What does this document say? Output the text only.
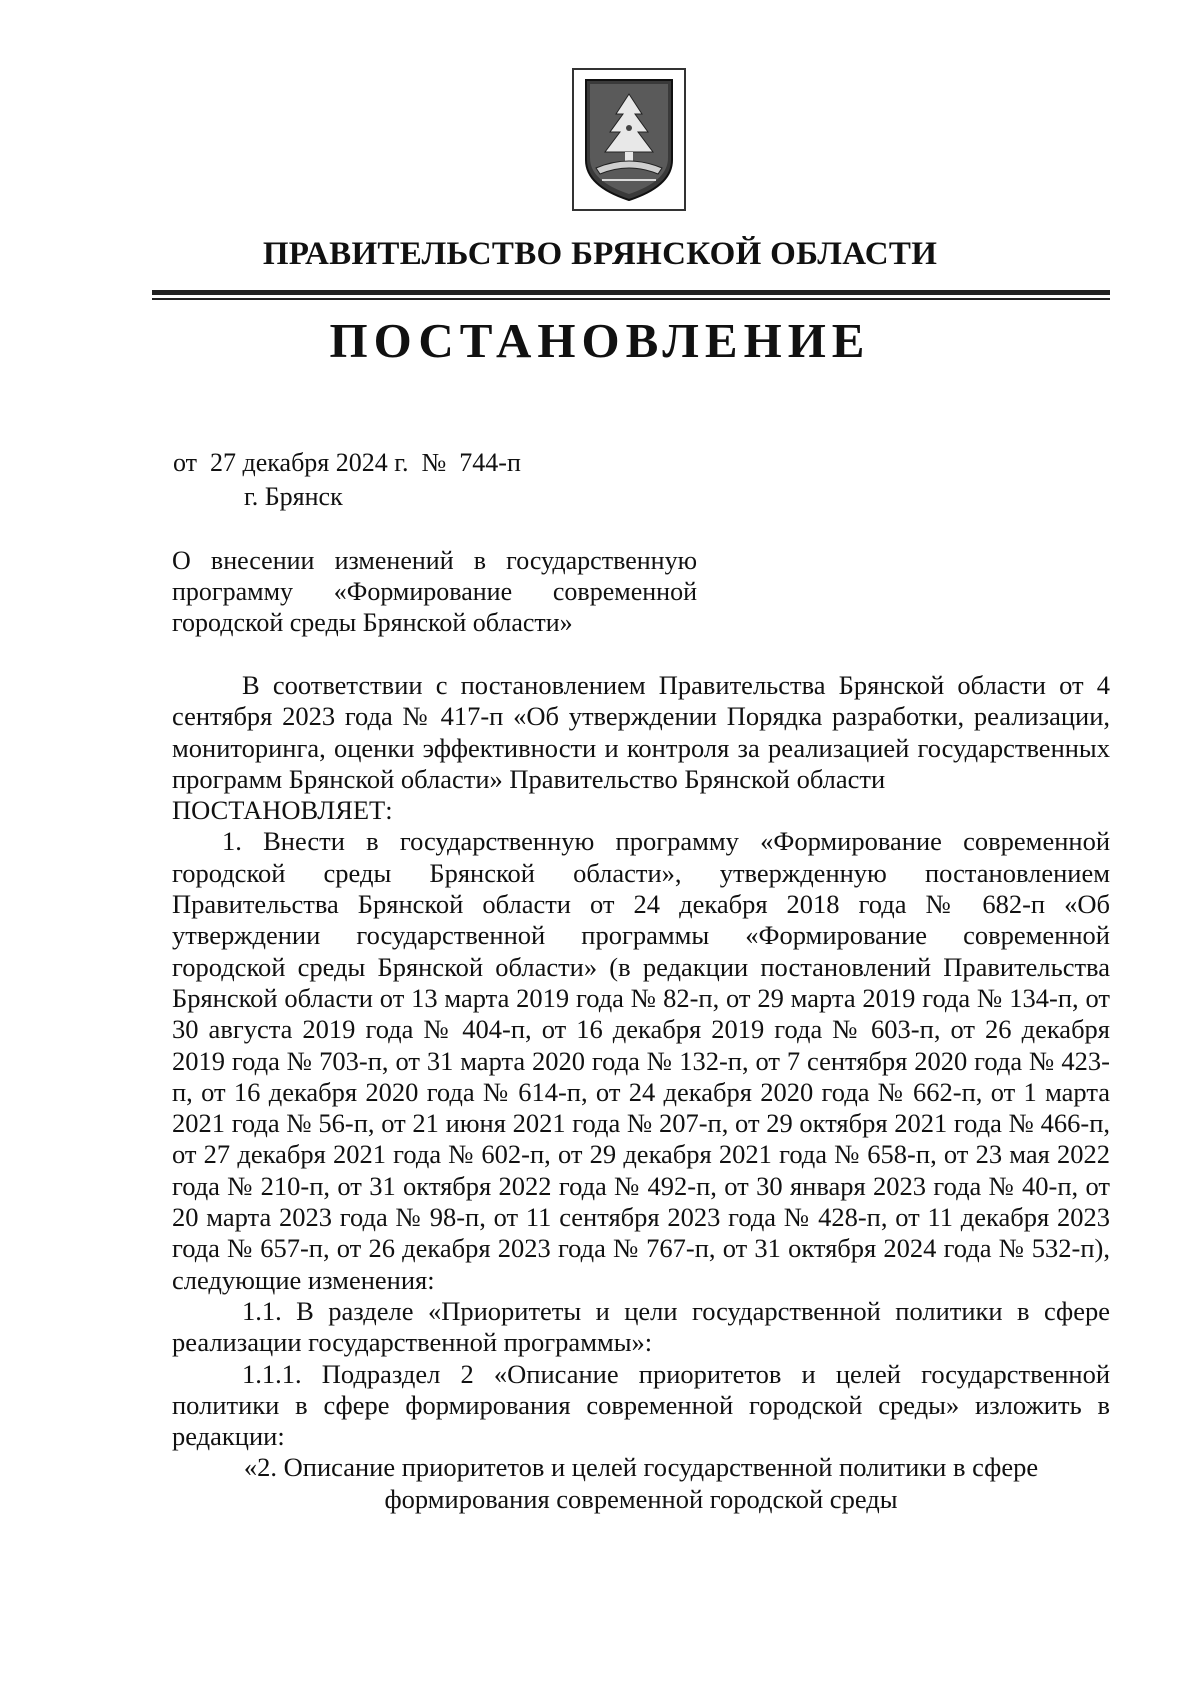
ПРАВИТЕЛЬСТВО БРЯНСКОЙ ОБЛАСТИ
ПОСТАНОВЛЕНИЕ
от  27 декабря 2024 г.  №  744-п
г. Брянск
О внесении изменений в государственную программу «Формирование современной городской среды Брянской области»

В соответствии с постановлением Правительства Брянской области от 4 сентября 2023 года № 417-п «Об утверждении Порядка разработки, реализации, мониторинга, оценки эффективности и контроля за реализацией государственных программ Брянской области» Правительство Брянской области

ПОСТАНОВЛЯЕТ:

1. Внести в государственную программу «Формирование современной городской среды Брянской области», утвержденную постановлением Правительства Брянской области от 24 декабря 2018 года № 682-п «Об утверждении государственной программы «Формирование современной городской среды Брянской области» (в редакции постановлений Правительства Брянской области от 13 марта 2019 года № 82-п, от 29 марта 2019 года № 134-п, от 30 августа 2019 года № 404-п, от 16 декабря 2019 года № 603-п, от 26 декабря 2019 года № 703-п, от 31 марта 2020 года № 132-п, от 7 сентября 2020 года № 423-п, от 16 декабря 2020 года № 614-п, от 24 декабря 2020 года № 662-п, от 1 марта 2021 года № 56-п, от 21 июня 2021 года № 207-п, от 29 октября 2021 года № 466-п, от 27 декабря 2021 года № 602-п, от 29 декабря 2021 года № 658-п, от 23 мая 2022 года № 210-п, от 31 октября 2022 года № 492-п, от 30 января 2023 года № 40-п, от 20 марта 2023 года № 98-п, от 11 сентября 2023 года № 428-п, от 11 декабря 2023 года № 657-п, от 26 декабря 2023 года № 767-п, от 31 октября 2024 года № 532-п), следующие изменения:

1.1. В разделе «Приоритеты и цели государственной политики в сфере реализации государственной программы»:

1.1.1. Подраздел 2 «Описание приоритетов и целей государственной политики в сфере формирования современной городской среды» изложить в редакции:

«2. Описание приоритетов и целей государственной политики в сфере формирования современной городской среды
